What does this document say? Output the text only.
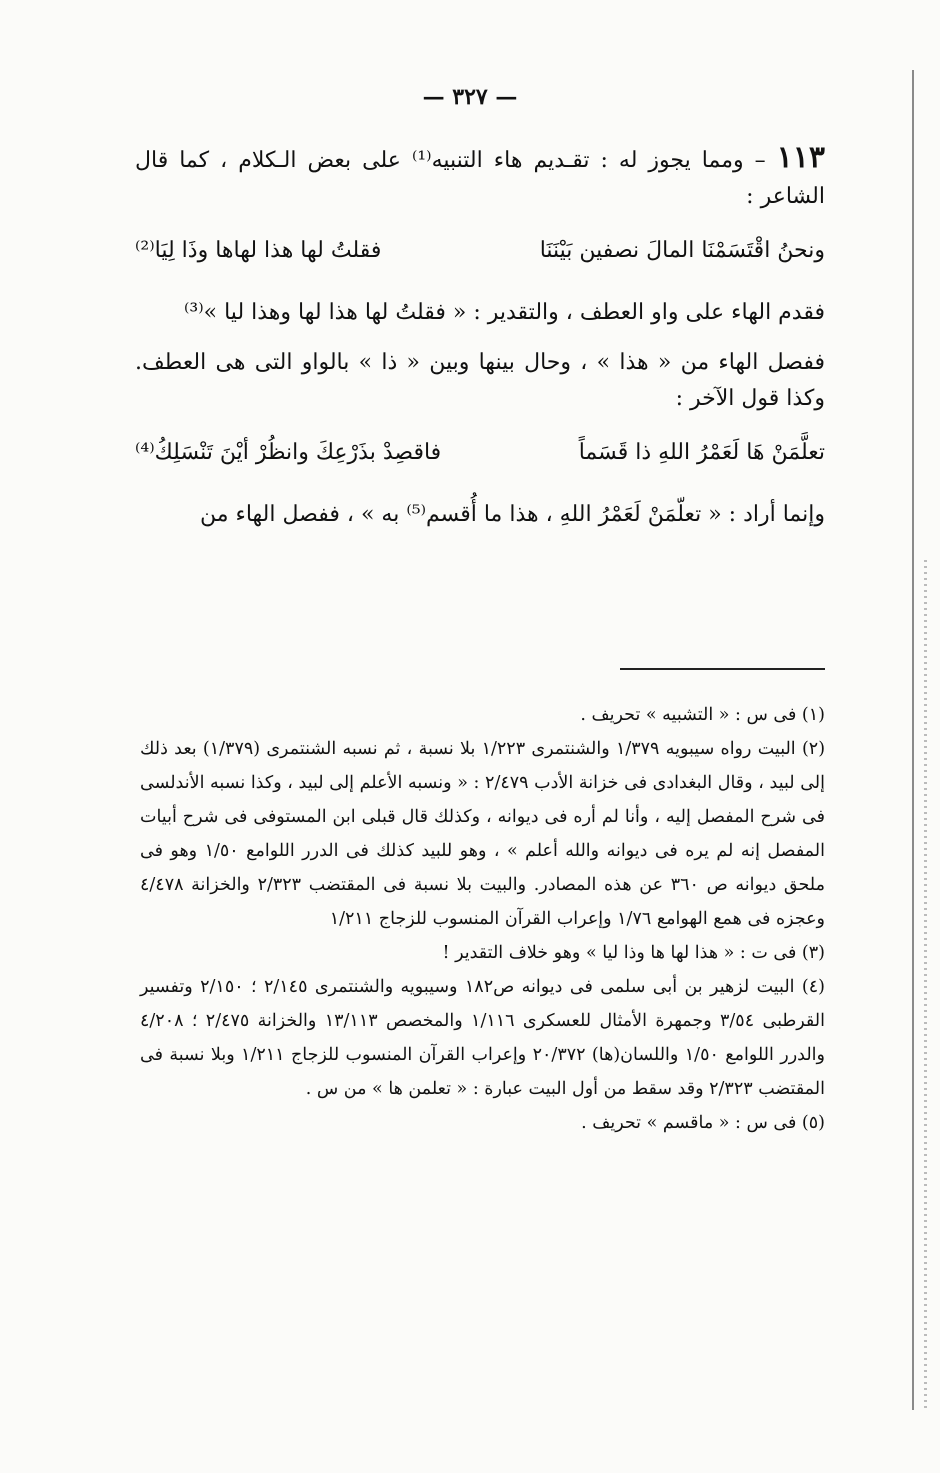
— ٣٢٧ —

١١٣ – ومما يجوز له : تقـديم هاء التنبيه⁽¹⁾ على بعض الـكلام ، كما قال الشاعر :

ونحنُ اقْتَسَمْنَا المالَ نصفين بَيْنَنَا
فقلتُ لها هذا لهاها وذَا لِيَا⁽²⁾

فقدم الهاء على واو العطف ، والتقدير : « فقلتُ لها هذا لها وهذا ليا »⁽³⁾

ففصل الهاء من « هذا » ، وحال بينها وبين « ذا » بالواو التى هى العطف. وكذا قول الآخر :

تعلَّمَنْ هَا لَعَمْرُ اللهِ ذا قَسَماً
فاقصِدْ بذَرْعِكَ وانظُرْ أيْنَ تَنْسَلِكُ⁽⁴⁾

وإنما أراد : « تعلّمَنْ لَعَمْرُ اللهِ ، هذا ما أُقسم⁽⁵⁾ به » ، ففصل الهاء من

(١) فى س : « التشبيه » تحريف .

(٢) البيت رواه سيبويه ١/٣٧٩ والشنتمرى ١/٢٢٣ بلا نسبة ، ثم نسبه الشنتمرى (١/٣٧٩) بعد ذلك إلى لبيد ، وقال البغدادى فى خزانة الأدب ٢/٤٧٩ : « ونسبه الأعلم إلى لبيد ، وكذا نسبه الأندلسى فى شرح المفصل إليه ، وأنا لم أره فى ديوانه ، وكذلك قال قبلى ابن المستوفى فى شرح أبيات المفصل إنه لم يره فى ديوانه والله أعلم » ، وهو للبيد كذلك فى الدرر اللوامع ١/٥٠ وهو فى ملحق ديوانه ص ٣٦٠ عن هذه المصادر. والبيت بلا نسبة فى المقتضب ٢/٣٢٣ والخزانة ٤/٤٧٨ وعجزه فى همع الهوامع ١/٧٦ وإعراب القرآن المنسوب للزجاج ١/٢١١

(٣) فى ت : « هذا لها ها وذا ليا » وهو خلاف التقدير !

(٤) البيت لزهير بن أبى سلمى فى ديوانه ص١٨٢ وسيبويه والشنتمرى ٢/١٤٥ ؛ ٢/١٥٠ وتفسير القرطبى ٣/٥٤ وجمهرة الأمثال للعسكرى ١/١١٦ والمخصص ١٣/١١٣ والخزانة ٢/٤٧٥ ؛ ٤/٢٠٨ والدرر اللوامع ١/٥٠ واللسان(ها) ٢٠/٣٧٢ وإعراب القرآن المنسوب للزجاج ١/٢١١ وبلا نسبة فى المقتضب ٢/٣٢٣ وقد سقط من أول البيت عبارة : « تعلمن ها » من س .

(٥) فى س : « ماقسم » تحريف .
